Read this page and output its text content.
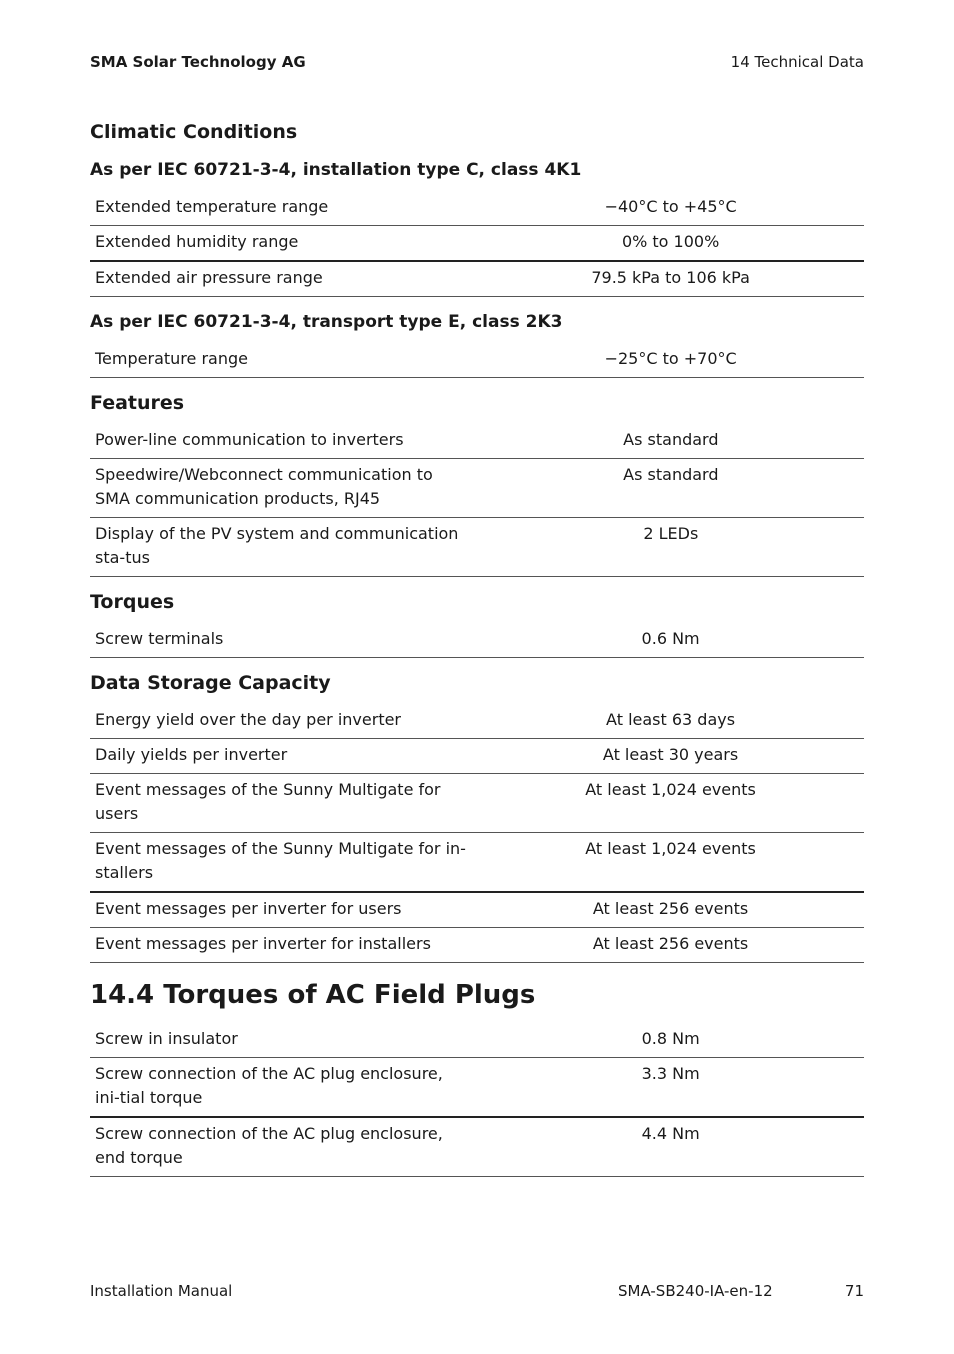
SMA Solar Technology AG	14 Technical Data
Climatic Conditions
As per IEC 60721-3-4, installation type C, class 4K1
Extended temperature range	−40°C to +45°C
Extended humidity range	0% to 100%
Extended air pressure range	79.5 kPa to 106 kPa
As per IEC 60721-3-4, transport type E, class 2K3
Temperature range	−25°C to +70°C
Features
Power-line communication to inverters	As standard
Speedwire/Webconnect communication to SMA communication products, RJ45	As standard
Display of the PV system and communication sta-tus	2 LEDs
Torques
Screw terminals	0.6 Nm
Data Storage Capacity
Energy yield over the day per inverter	At least 63 days
Daily yields per inverter	At least 30 years
Event messages of the Sunny Multigate for users	At least 1,024 events
Event messages of the Sunny Multigate for in-stallers	At least 1,024 events
Event messages per inverter for users	At least 256 events
Event messages per inverter for installers	At least 256 events
14.4 Torques of AC Field Plugs
Screw in insulator	0.8 Nm
Screw connection of the AC plug enclosure, ini-tial torque	3.3 Nm
Screw connection of the AC plug enclosure, end torque	4.4 Nm
Installation Manual	SMA-SB240-IA-en-12	71
